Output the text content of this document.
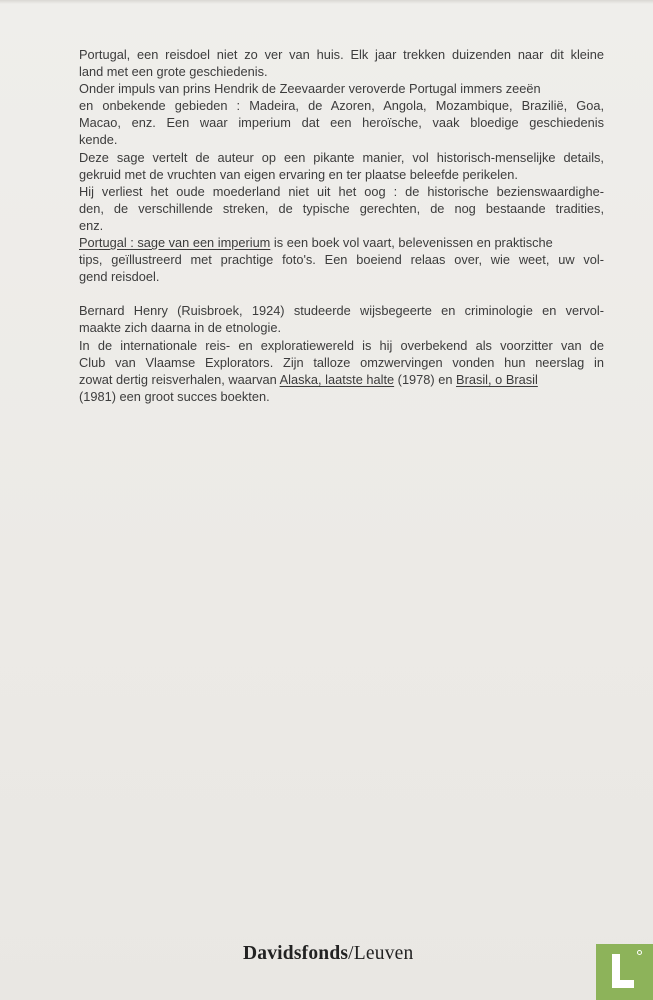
Portugal, een reisdoel niet zo ver van huis. Elk jaar trekken duizenden naar dit kleine
land met een grote geschiedenis.
Onder impuls van prins Hendrik de Zeevaarder veroverde Portugal immers zeeën
en onbekende gebieden : Madeira, de Azoren, Angola, Mozambique, Brazilië, Goa,
Macao, enz. Een waar imperium dat een heroïsche, vaak bloedige geschiedenis
kende.
Deze sage vertelt de auteur op een pikante manier, vol historisch-menselijke details,
gekruid met de vruchten van eigen ervaring en ter plaatse beleefde perikelen.
Hij verliest het oude moederland niet uit het oog : de historische bezienswaardighe-
den, de verschillende streken, de typische gerechten, de nog bestaande tradities,
enz.
Portugal : sage van een imperium is een boek vol vaart, belevenissen en praktische
tips, geïllustreerd met prachtige foto's. Een boeiend relaas over, wie weet, uw vol-
gend reisdoel.

Bernard Henry (Ruisbroek, 1924) studeerde wijsbegeerte en criminologie en vervol-
maakte zich daarna in de etnologie.
In de internationale reis- en exploratiewereld is hij overbekend als voorzitter van de
Club van Vlaamse Explorators. Zijn talloze omzwervingen vonden hun neerslag in
zowat dertig reisverhalen, waarvan Alaska, laatste halte (1978) en Brasil, o Brasil
(1981) een groot succes boekten.

Davidsfonds/Leuven
